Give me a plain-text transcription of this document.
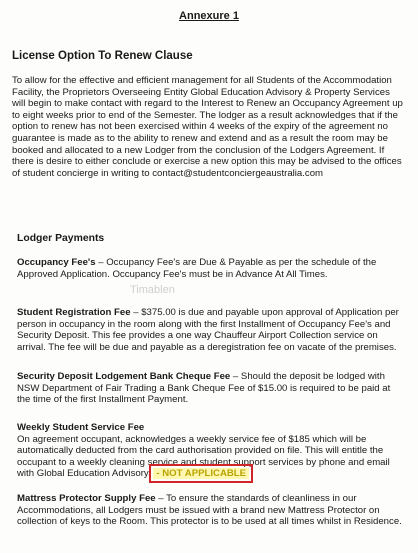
Annexure 1
License Option To Renew Clause
To allow for the effective and efficient management for all Students of the Accommodation Facility, the Proprietors Overseeing Entity Global Education Advisory & Property Services will begin to make contact with regard to the Interest to Renew an Occupancy Agreement up to eight weeks prior to end of the Semester. The lodger as a result acknowledges that if the option to renew has not been exercised within 4 weeks of the expiry of the agreement no guarantee is made as to the ability to renew and extend and as a result the room may be booked and allocated to a new Lodger from the conclusion of the Lodgers Agreement. If there is desire to either conclude or exercise a new option this may be advised to the offices of student concierge in writing to contact@studentconciergeaustralia.com
Lodger Payments
Occupancy Fee's – Occupancy Fee's are Due & Payable as per the schedule of the Approved Application. Occupancy Fee's must be in Advance At All Times.
Timablen
Student Registration Fee – $375.00 is due and payable upon approval of Application per person in occupancy in the room along with the first Installment of Occupancy Fee's and Security Deposit. This fee provides a one way Chauffeur Airport Collection service on arrival. The fee will be due and payable as a deregistration fee on vacate of the premises.
Security Deposit Lodgement Bank Cheque Fee – Should the deposit be lodged with NSW Department of Fair Trading a Bank Cheque Fee of $15.00 is required to be paid at the time of the first Installment Payment.
Weekly Student Service Fee
On agreement occupant, acknowledges a weekly service fee of $185 which will be automatically deducted from the card authorisation provided on file. This will entitle the occupant to a weekly cleaning service and student support services by phone and email with Global Education Advisory. - NOT APPLICABLE
Mattress Protector Supply Fee – To ensure the standards of cleanliness in our Accommodations, all Lodgers must be issued with a brand new Mattress Protector on collection of keys to the Room. This protector is to be used at all times whilst in Residence.
